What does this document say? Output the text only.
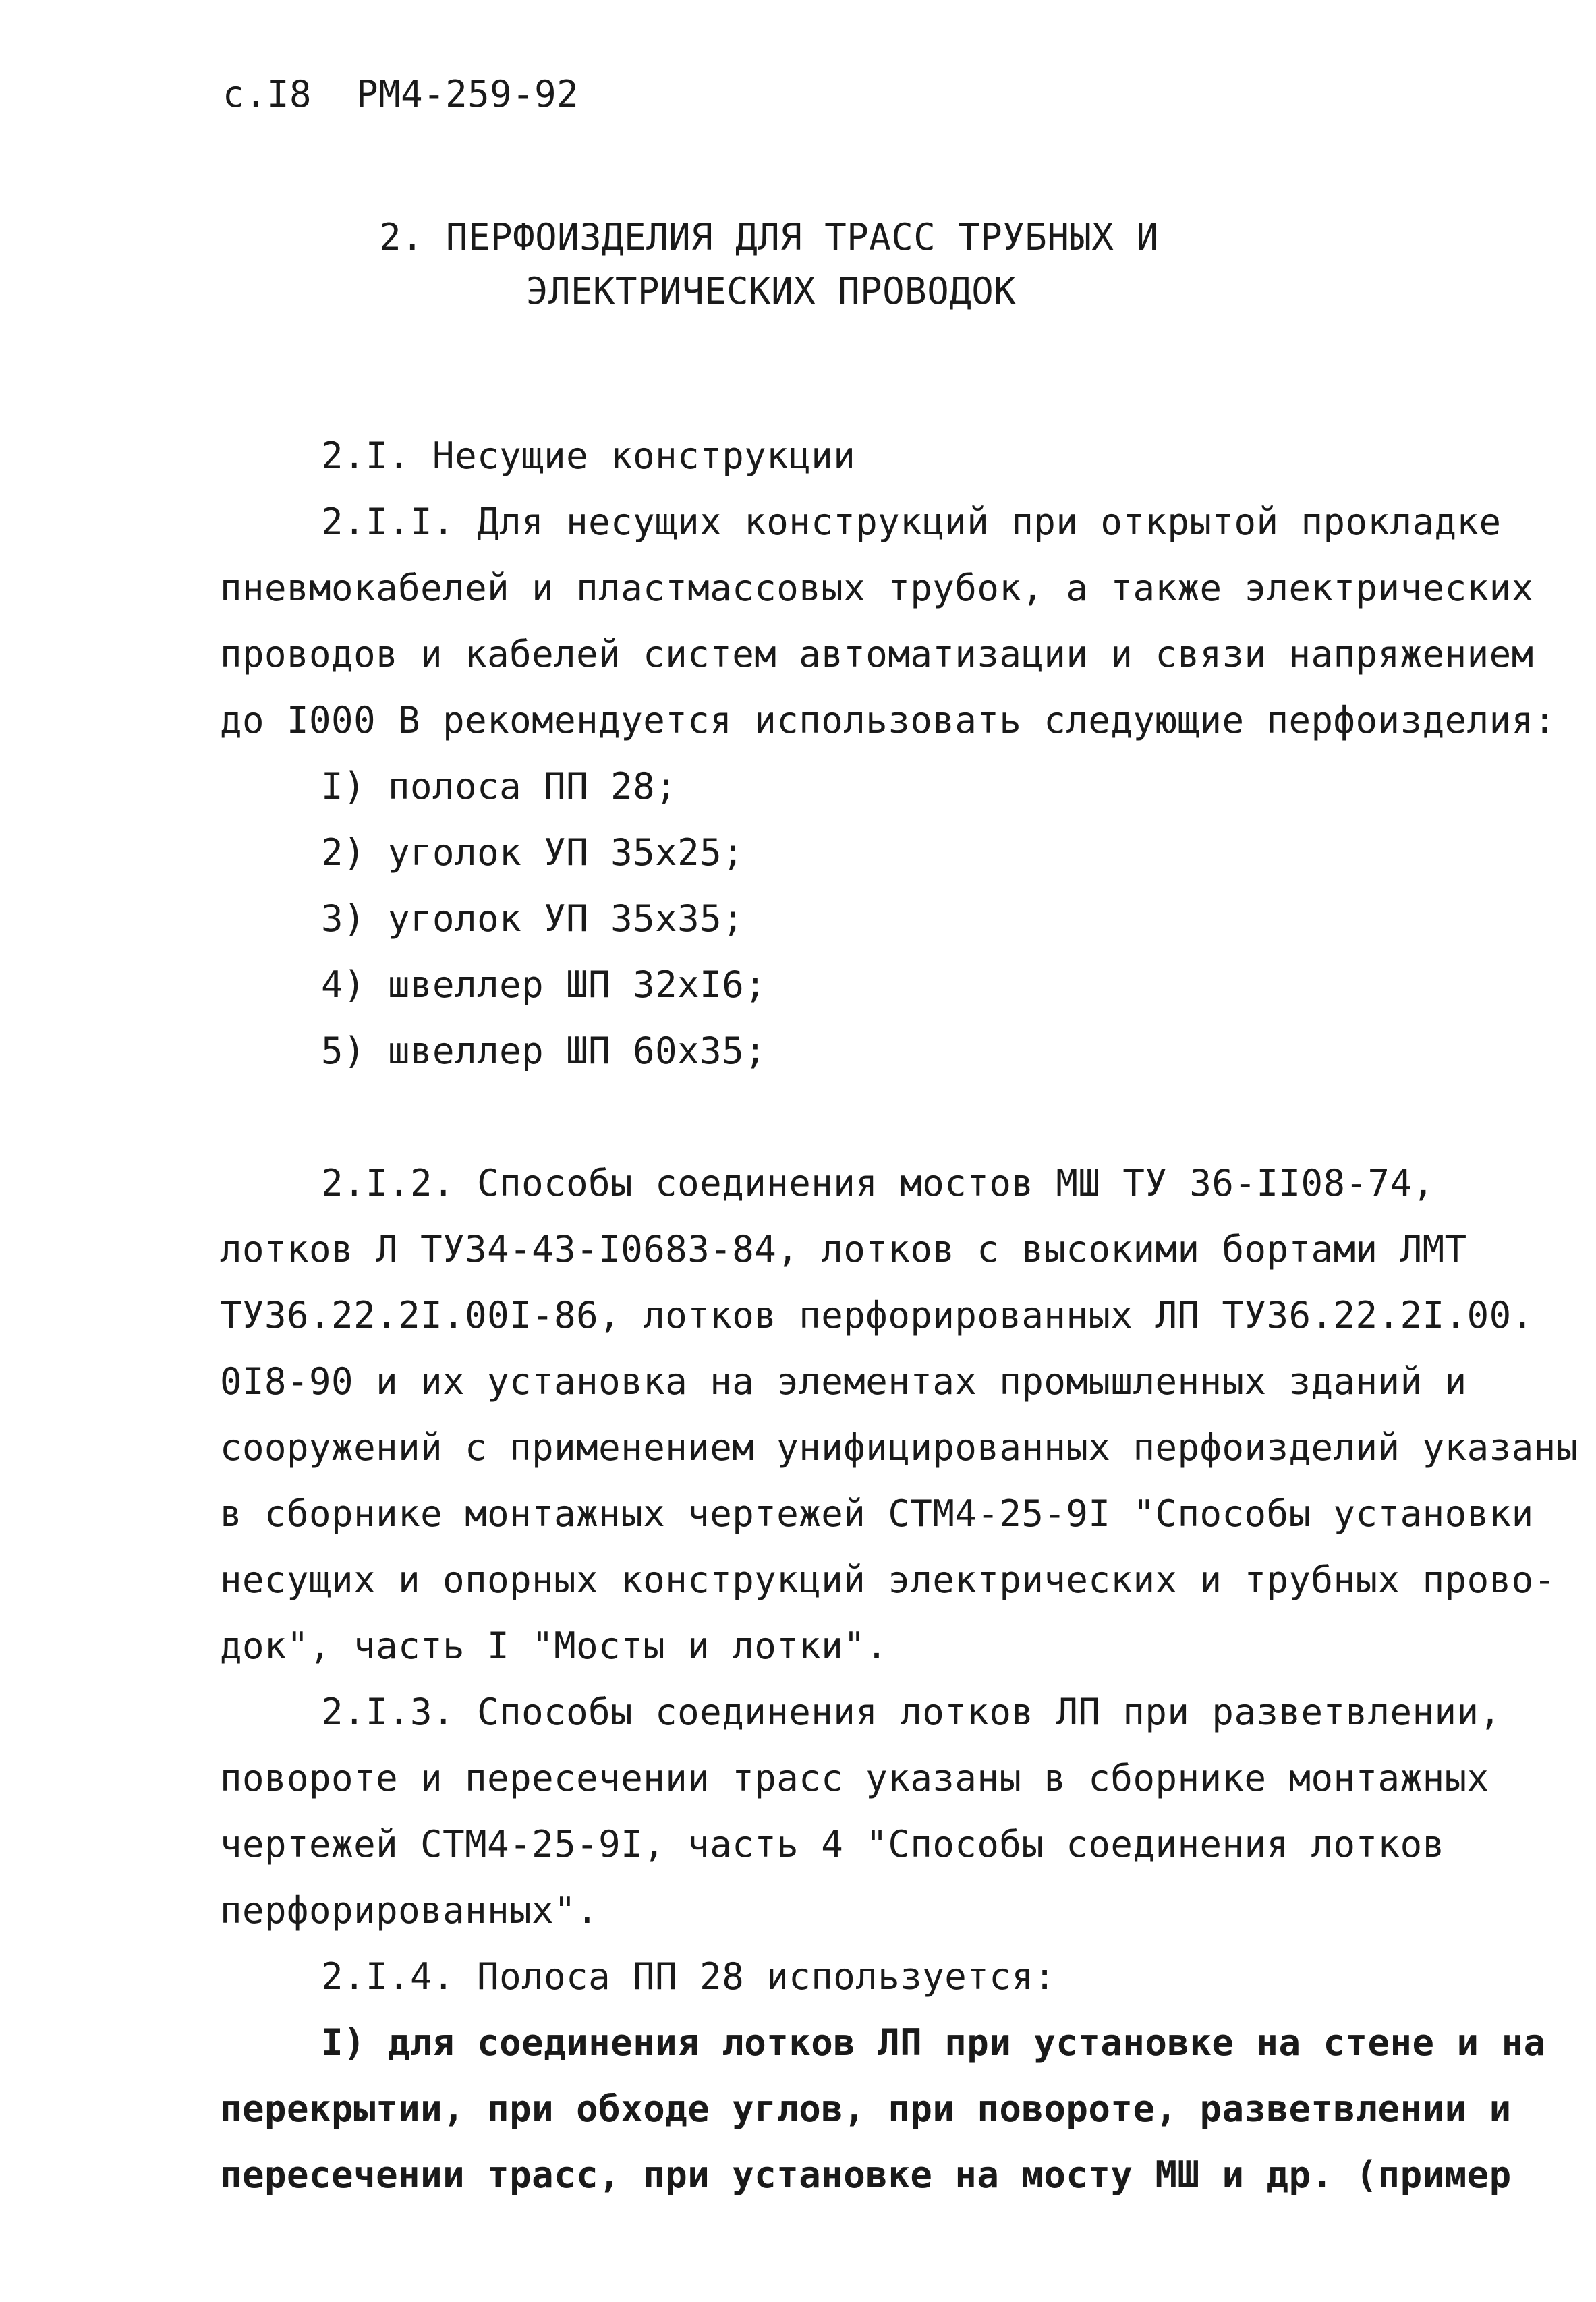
с.I8  РМ4-259-92
2. ПЕРФОИЗДЕЛИЯ ДЛЯ ТРАСС ТРУБНЫХ И
ЭЛЕКТРИЧЕСКИХ ПРОВОДОК
2.I. Несущие конструкции
2.I.I. Для несущих конструкций при открытой прокладке
пневмокабелей и пластмассовых трубок, а также электрических
проводов и кабелей систем автоматизации и связи напряжением
до I000 В рекомендуется использовать следующие перфоизделия:
I) полоса ПП 28;
2) уголок УП 35х25;
3) уголок УП 35х35;
4) швеллер ШП 32хI6;
5) швеллер ШП 60х35;
2.I.2. Способы соединения мостов МШ ТУ 36-II08-74,
лотков Л ТУ34-43-I0683-84, лотков с высокими бортами ЛМТ
ТУ36.22.2I.00I-86, лотков перфорированных ЛП ТУ36.22.2I.00.
0I8-90 и их установка на элементах промышленных зданий и
сооружений с применением унифицированных перфоизделий указаны
в сборнике монтажных чертежей СТМ4-25-9I "Способы установки
несущих и опорных конструкций электрических и трубных прово-
док", часть I "Мосты и лотки".
2.I.3. Способы соединения лотков ЛП при разветвлении,
повороте и пересечении трасс указаны в сборнике монтажных
чертежей СТМ4-25-9I, часть 4 "Способы соединения лотков
перфорированных".
2.I.4. Полоса ПП 28 используется:
I) для соединения лотков ЛП при установке на стене и на
перекрытии, при обходе углов, при повороте, разветвлении и
пересечении трасс, при установке на мосту МШ и др. (пример
